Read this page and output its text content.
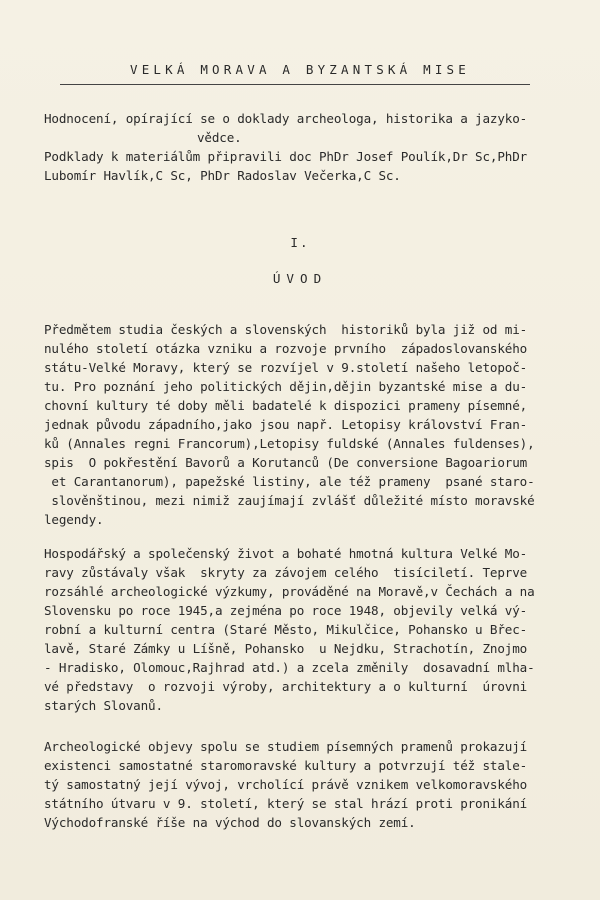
VELKÁ MORAVA A BYZANTSKÁ MISE
Hodnocení, opírající se o doklady archeologa, historika a jazyko-
vědce.
Podklady k materiálům připravili doc PhDr Josef Poulík,Dr Sc,PhDr
Lubomír Havlík,C Sc, PhDr Radoslav Večerka,C Sc.
I.
ÚVOD
Předmětem studia českých a slovenských  historiků byla již od mi-
nulého století otázka vzniku a rozvoje prvního  západoslovanského
státu-Velké Moravy, který se rozvíjel v 9.století našeho letopoč-
tu. Pro poznání jeho politických dějin,dějin byzantské mise a du-
chovní kultury té doby měli badatelé k dispozici prameny písemné,
jednak původu západního,jako jsou např. Letopisy království Fran-
ků (Annales regni Francorum),Letopisy fuldské (Annales fuldenses),
spis  O pokřestění Bavorů a Korutanců (De conversione Bagoariorum
et Carantanorum), papežské listiny, ale též prameny  psané staro-
slověnštinou, mezi nimiž zaujímají zvlášť důležité místo moravské
legendy.
Hospodářský a společenský život a bohaté hmotná kultura Velké Mo-
ravy zůstávaly však  skryty za závojem celého  tisíciletí. Teprve
rozsáhlé archeologické výzkumy, prováděné na Moravě,v Čechách a na
Slovensku po roce 1945,a zejména po roce 1948, objevily velká vý-
robní a kulturní centra (Staré Město, Mikulčice, Pohansko u Břec-
lavě, Staré Zámky u Líšně, Pohansko  u Nejdku, Strachotín, Znojmo
- Hradisko, Olomouc,Rajhrad atd.) a zcela změnily  dosavadní mlha-
vé představy  o rozvoji výroby, architektury a o kulturní  úrovni
starých Slovanů.
Archeologické objevy spolu se studiem písemných pramenů prokazují
existenci samostatné staromoravské kultury a potvrzují též stale-
tý samostatný její vývoj, vrcholící právě vznikem velkomoravského
státního útvaru v 9. století, který se stal hrází proti pronikání
Východofranské říše na východ do slovanských zemí.
